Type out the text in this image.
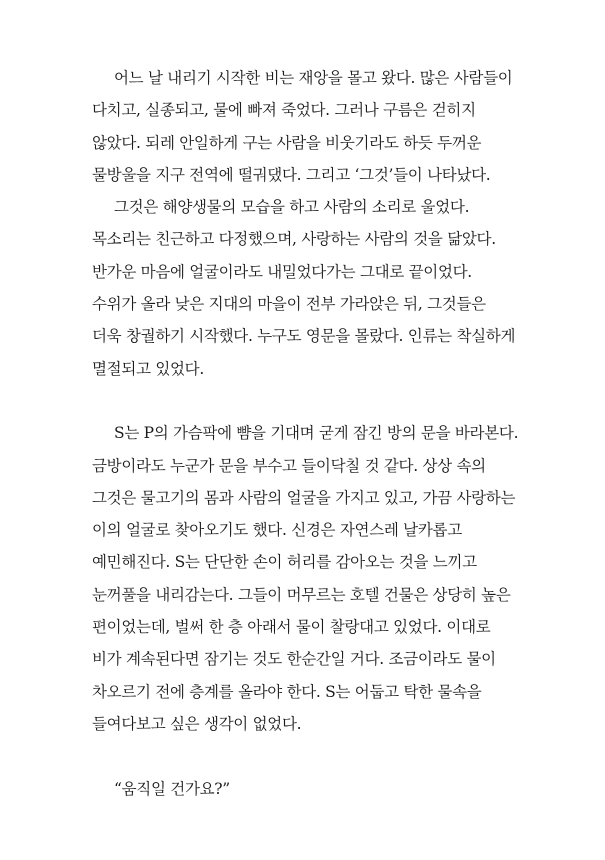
어느 날 내리기 시작한 비는 재앙을 몰고 왔다. 많은 사람들이
다치고, 실종되고, 물에 빠져 죽었다. 그러나 구름은 걷히지
않았다. 되레 안일하게 구는 사람을 비웃기라도 하듯 두꺼운
물방울을 지구 전역에 떨궈댔다. 그리고 ‘그것’들이 나타났다.
그것은 해양생물의 모습을 하고 사람의 소리로 울었다.
목소리는 친근하고 다정했으며, 사랑하는 사람의 것을 닮았다.
반가운 마음에 얼굴이라도 내밀었다가는 그대로 끝이었다.
수위가 올라 낮은 지대의 마을이 전부 가라앉은 뒤, 그것들은
더욱 창궐하기 시작했다. 누구도 영문을 몰랐다. 인류는 착실하게
멸절되고 있었다.
S는 P의 가슴팍에 뺨을 기대며 굳게 잠긴 방의 문을 바라본다.
금방이라도 누군가 문을 부수고 들이닥칠 것 같다. 상상 속의
그것은 물고기의 몸과 사람의 얼굴을 가지고 있고, 가끔 사랑하는
이의 얼굴로 찾아오기도 했다. 신경은 자연스레 날카롭고
예민해진다. S는 단단한 손이 허리를 감아오는 것을 느끼고
눈꺼풀을 내리감는다. 그들이 머무르는 호텔 건물은 상당히 높은
편이었는데, 벌써 한 층 아래서 물이 찰랑대고 있었다. 이대로
비가 계속된다면 잠기는 것도 한순간일 거다. 조금이라도 물이
차오르기 전에 층계를 올라야 한다. S는 어둡고 탁한 물속을
들여다보고 싶은 생각이 없었다.
“움직일 건가요?”
